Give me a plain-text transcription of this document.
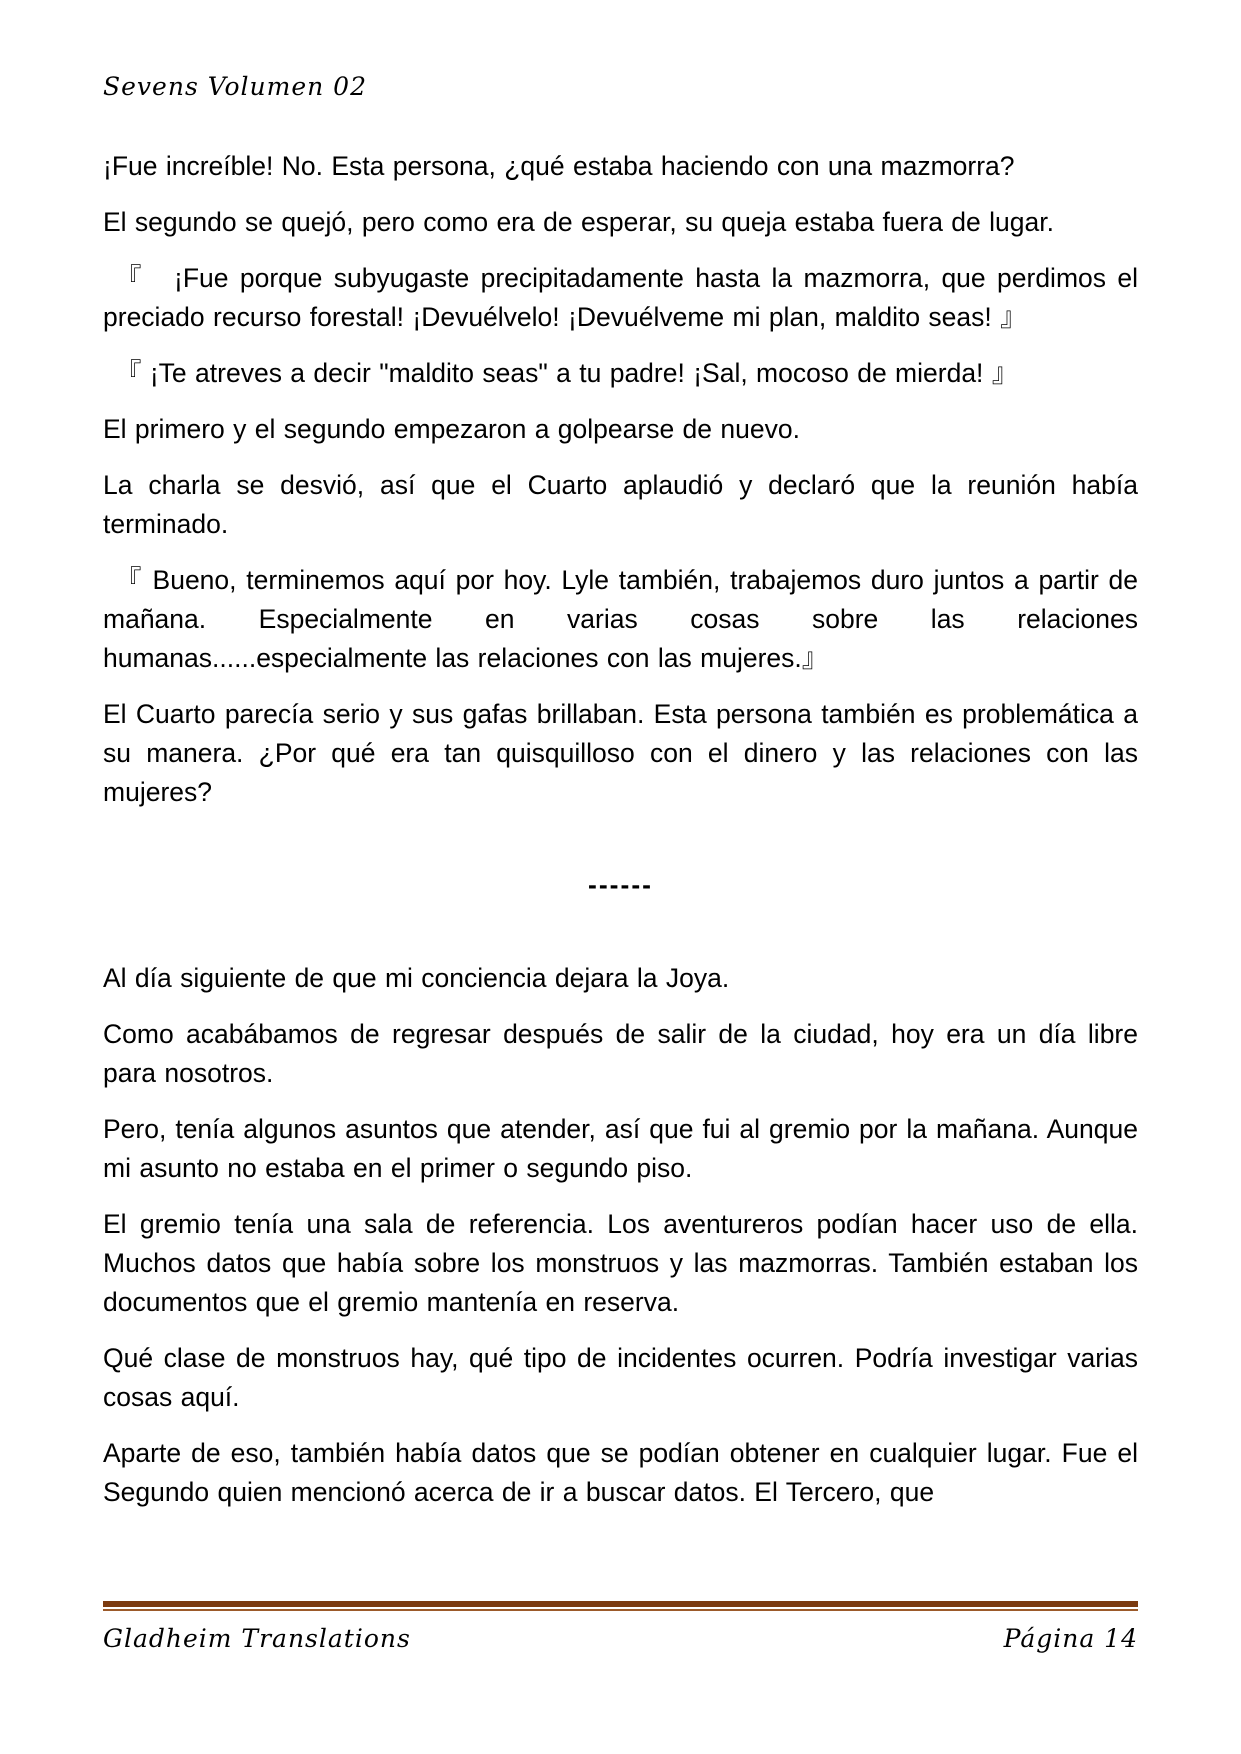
Sevens Volumen 02

¡Fue increíble! No. Esta persona, ¿qué estaba haciendo con una mazmorra?

El segundo se quejó, pero como era de esperar, su queja estaba fuera de lugar.

『　¡Fue porque subyugaste precipitadamente hasta la mazmorra, que perdimos el preciado recurso forestal! ¡Devuélvelo! ¡Devuélveme mi plan, maldito seas! 』

『 ¡Te atreves a decir "maldito seas" a tu padre! ¡Sal, mocoso de mierda! 』

El primero y el segundo empezaron a golpearse de nuevo.

La charla se desvió, así que el Cuarto aplaudió y declaró que la reunión había terminado.

『 Bueno, terminemos aquí por hoy. Lyle también, trabajemos duro juntos a partir de mañana. Especialmente en varias cosas sobre las relaciones humanas......especialmente las relaciones con las mujeres.』

El Cuarto parecía serio y sus gafas brillaban. Esta persona también es problemática a su manera. ¿Por qué era tan quisquilloso con el dinero y las relaciones con las mujeres?

------

Al día siguiente de que mi conciencia dejara la Joya.

Como acabábamos de regresar después de salir de la ciudad, hoy era un día libre para nosotros.

Pero, tenía algunos asuntos que atender, así que fui al gremio por la mañana. Aunque mi asunto no estaba en el primer o segundo piso.

El gremio tenía una sala de referencia. Los aventureros podían hacer uso de ella. Muchos datos que había sobre los monstruos y las mazmorras. También estaban los documentos que el gremio mantenía en reserva.

Qué clase de monstruos hay, qué tipo de incidentes ocurren. Podría investigar varias cosas aquí.

Aparte de eso, también había datos que se podían obtener en cualquier lugar. Fue el Segundo quien mencionó acerca de ir a buscar datos. El Tercero, que

Gladheim Translations	Página 14
